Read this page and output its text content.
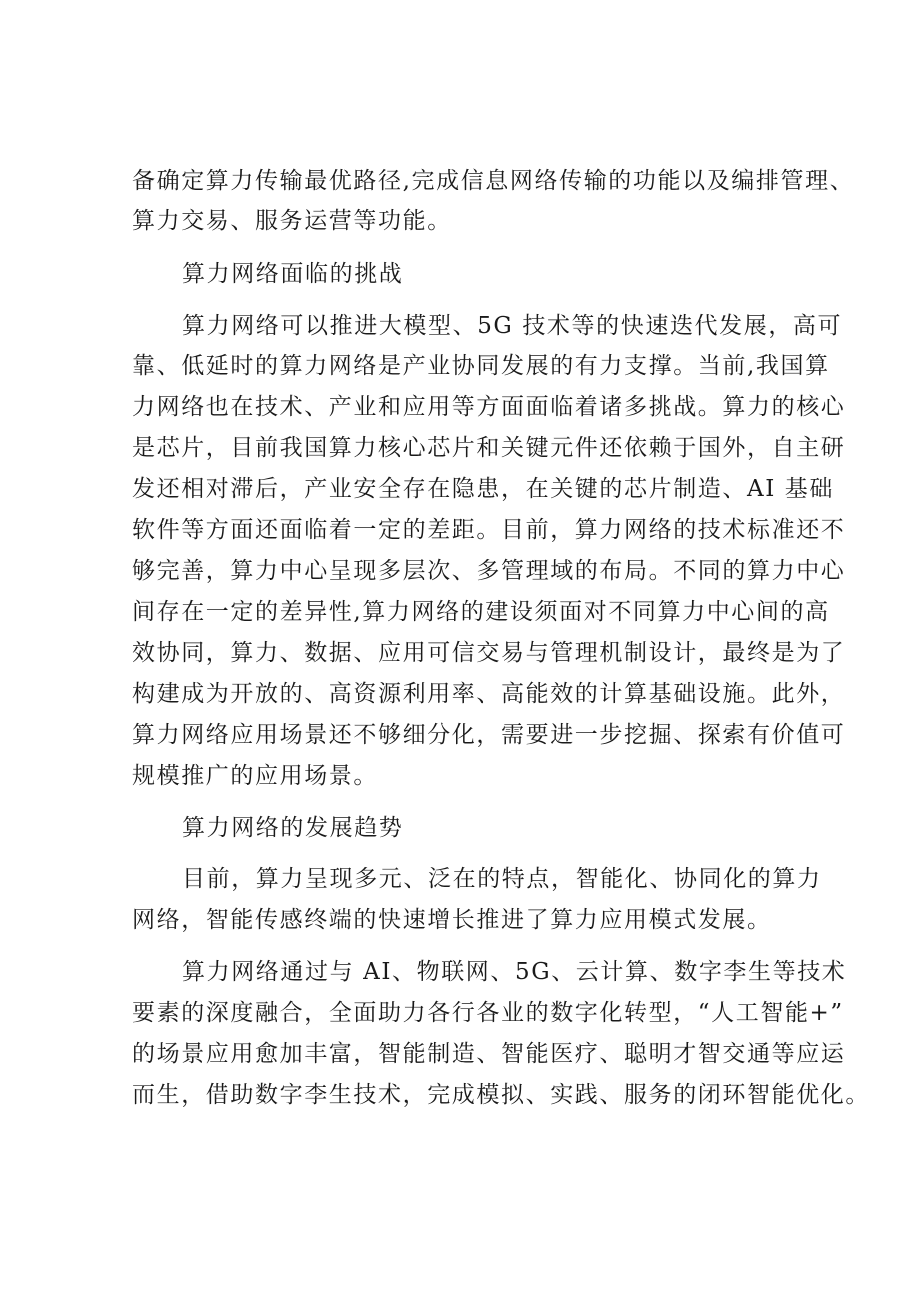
备确定算力传输最优路径,完成信息网络传输的功能以及编排管理、
算力交易、服务运营等功能。
算力网络面临的挑战
算力网络可以推进大模型、5G 技术等的快速迭代发展，高可
靠、低延时的算力网络是产业协同发展的有力支撑。当前,我国算
力网络也在技术、产业和应用等方面面临着诸多挑战。算力的核心
是芯片，目前我国算力核心芯片和关键元件还依赖于国外，自主研
发还相对滞后，产业安全存在隐患，在关键的芯片制造、AI 基础
软件等方面还面临着一定的差距。目前，算力网络的技术标准还不
够完善，算力中心呈现多层次、多管理域的布局。不同的算力中心
间存在一定的差异性,算力网络的建设须面对不同算力中心间的高
效协同，算力、数据、应用可信交易与管理机制设计，最终是为了
构建成为开放的、高资源利用率、高能效的计算基础设施。此外，
算力网络应用场景还不够细分化，需要进一步挖掘、探索有价值可
规模推广的应用场景。
算力网络的发展趋势
目前，算力呈现多元、泛在的特点，智能化、协同化的算力
网络，智能传感终端的快速增长推进了算力应用模式发展。
算力网络通过与 AI、物联网、5G、云计算、数字李生等技术
要素的深度融合，全面助力各行各业的数字化转型，“人工智能+”
的场景应用愈加丰富，智能制造、智能医疗、聪明才智交通等应运
而生，借助数字李生技术，完成模拟、实践、服务的闭环智能优化。
